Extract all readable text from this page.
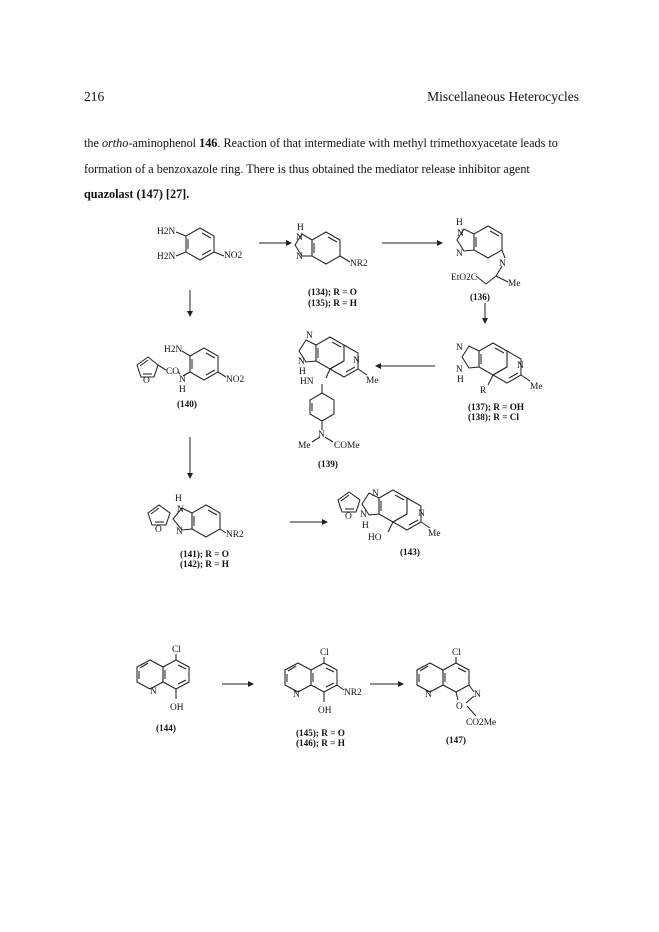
216	Miscellaneous Heterocycles

the ortho-aminophenol 146. Reaction of that intermediate with methyl trimethoxyacetate leads to

formation of a benzoxazole ring. There is thus obtained the mediator release inhibitor agent

quazolast (147) [27].

H2N
H2N	NO2
H
N
N
NR2
(134); R = O
(135); R = H
H
N
N
N
EtO2C
Me
(136)
N
N
H
N
R	Me
(137); R = OH
(138); R = Cl
N
N
H
N
HN	Me
N
Me	COMe
(139)
H2N
O
CO
N
H
NO2
(140)
H
N
N
O	NR2
(141); R = O
(142); R = H
N
O N
H
N
HO	Me
(143)
Cl
N
OH
(144)
Cl
N	NR2
OH
(145); R = O
(146); R = H
Cl
N	N
O
CO2Me
(147)
